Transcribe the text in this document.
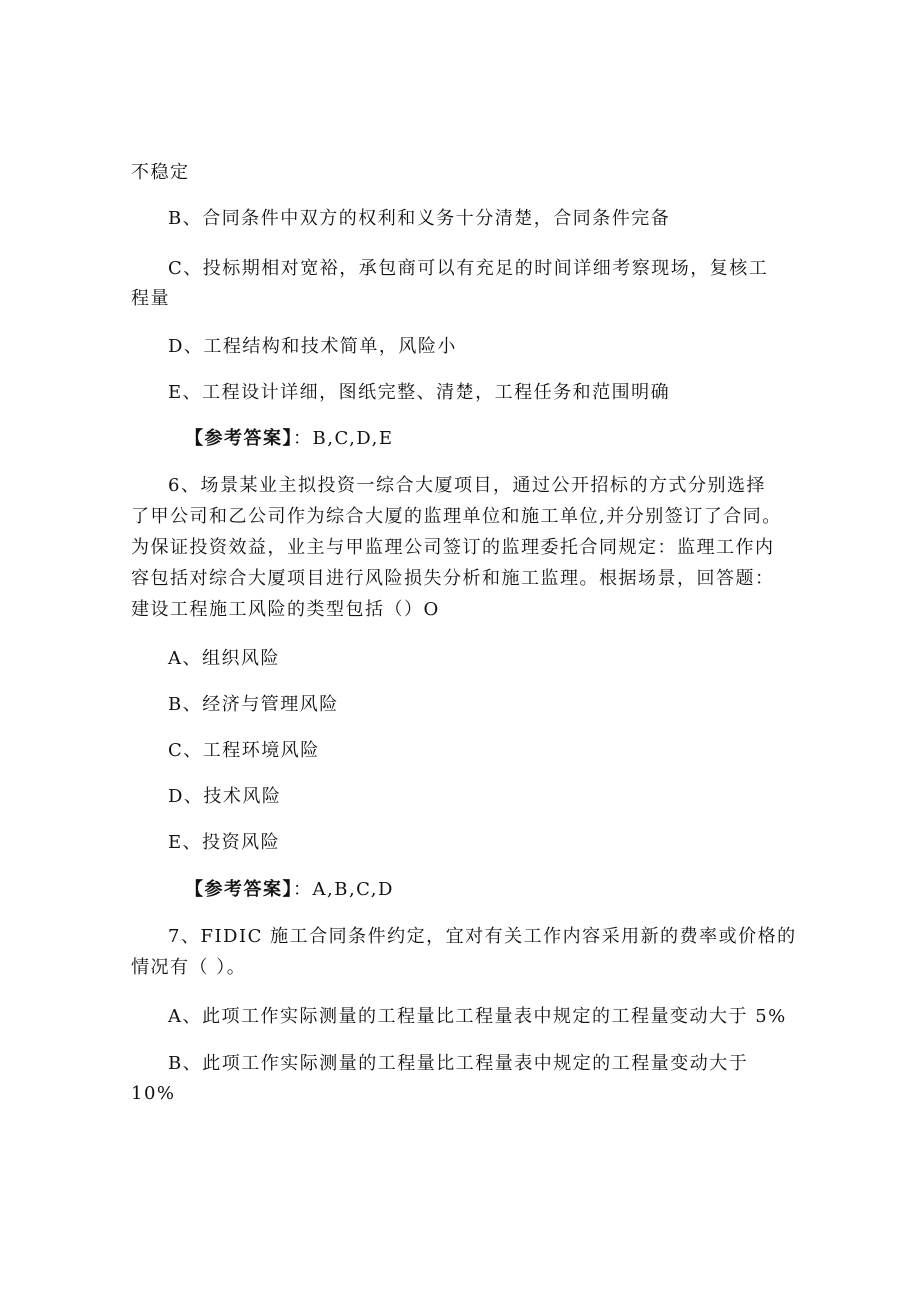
不稳定
B、合同条件中双方的权利和义务十分清楚，合同条件完备
C、投标期相对宽裕，承包商可以有充足的时间详细考察现场，复核工
程量
D、工程结构和技术简单，风险小
E、工程设计详细，图纸完整、清楚，工程任务和范围明确
【参考答案】：B,C,D,E
6、场景某业主拟投资一综合大厦项目，通过公开招标的方式分别选择
了甲公司和乙公司作为综合大厦的监理单位和施工单位,并分别签订了合同。
为保证投资效益，业主与甲监理公司签订的监理委托合同规定：监理工作内
容包括对综合大厦项目进行风险损失分析和施工监理。根据场景，回答题：
建设工程施工风险的类型包括（）O
A、组织风险
B、经济与管理风险
C、工程环境风险
D、技术风险
E、投资风险
【参考答案】：A,B,C,D
7、FIDIC 施工合同条件约定，宜对有关工作内容采用新的费率或价格的
情况有（ ）。
A、此项工作实际测量的工程量比工程量表中规定的工程量变动大于 5%
B、此项工作实际测量的工程量比工程量表中规定的工程量变动大于
10%
